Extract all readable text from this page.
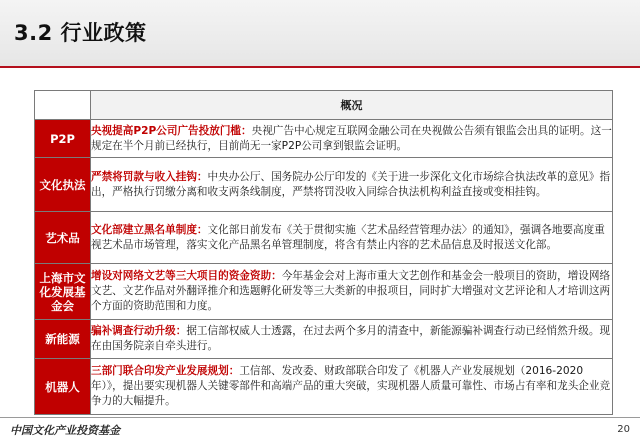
3.2 行业政策
	概况
P2P	央视提高P2P公司广告投放门槛：央视广告中心规定互联网金融公司在央视做公告须有银监会出具的证明。这一规定在半个月前已经执行，目前尚无一家P2P公司拿到银监会证明。
文化执法	严禁将罚款与收入挂钩：中央办公厅、国务院办公厅印发的《关于进一步深化文化市场综合执法改革的意见》指出，严格执行罚缴分离和收支两条线制度，严禁将罚没收入同综合执法机构利益直接或变相挂钩。
艺术品	文化部建立黑名单制度：文化部日前发布《关于贯彻实施〈艺术品经营管理办法〉的通知》，强调各地要高度重视艺术品市场管理，落实文化产品黑名单管理制度，将含有禁止内容的艺术品信息及时报送文化部。
上海市文化发展基金会	增设对网络文艺等三大项目的资金资助：今年基金会对上海市重大文艺创作和基金会一般项目的资助，增设网络文艺、文艺作品对外翻译推介和选题孵化研发等三大类新的申报项目，同时扩大增强对文艺评论和人才培训这两个方面的资助范围和力度。
新能源	骗补调查行动升级：据工信部权威人士透露，在过去两个多月的清查中，新能源骗补调查行动已经悄然升级。现在由国务院亲自牵头进行。
机器人	三部门联合印发产业发展规划：工信部、发改委、财政部联合印发了《机器人产业发展规划（2016-2020年）》，提出要实现机器人关键零部件和高端产品的重大突破，实现机器人质量可靠性、市场占有率和龙头企业竞争力的大幅提升。
中国文化产业投资基金	20
